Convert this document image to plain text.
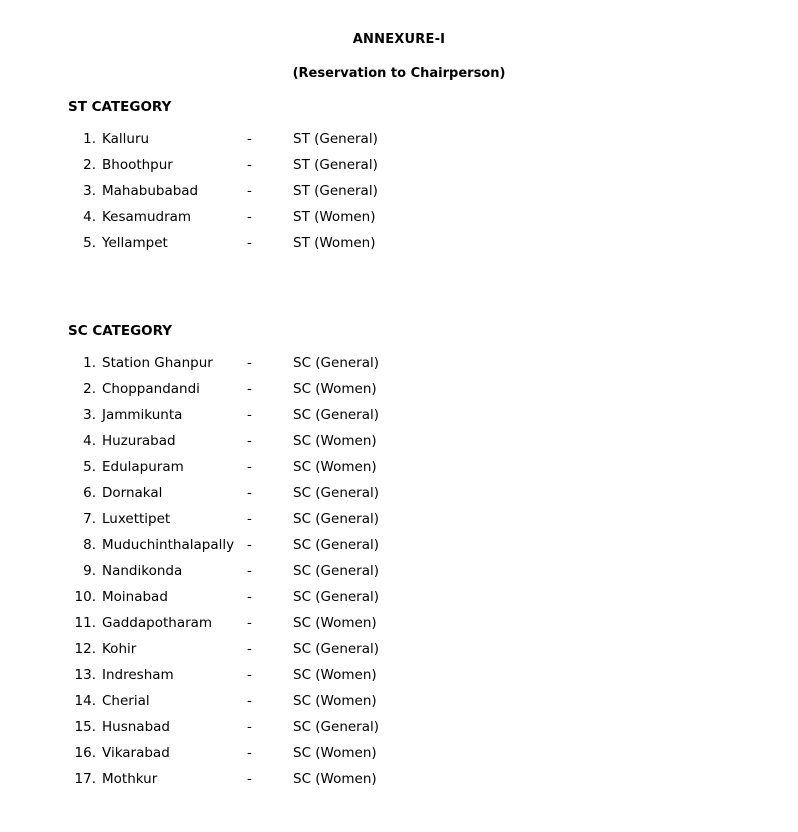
ANNEXURE-I
(Reservation to Chairperson)
ST CATEGORY
1. Kalluru	-	ST (General)
2. Bhoothpur	-	ST (General)
3. Mahabubabad	-	ST (General)
4. Kesamudram	-	ST (Women)
5. Yellampet	-	ST (Women)
SC CATEGORY
1. Station Ghanpur	-	SC (General)
2. Choppandandi	-	SC (Women)
3. Jammikunta	-	SC (General)
4. Huzurabad	-	SC (Women)
5. Edulapuram	-	SC (Women)
6. Dornakal	-	SC (General)
7. Luxettipet	-	SC (General)
8. Muduchinthalapally -	SC (General)
9. Nandikonda	-	SC (General)
10. Moinabad	-	SC (General)
11. Gaddapotharam	-	SC (Women)
12. Kohir	-	SC (General)
13. Indresham	-	SC (Women)
14. Cherial	-	SC (Women)
15. Husnabad	-	SC (General)
16. Vikarabad	-	SC (Women)
17. Mothkur	-	SC (Women)
